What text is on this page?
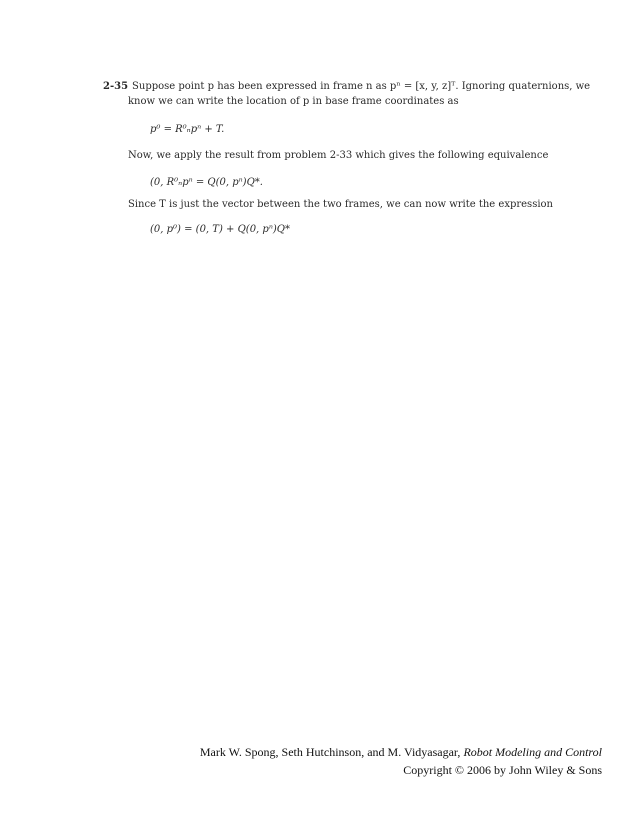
2-35 Suppose point p has been expressed in frame n as pⁿ = [x, y, z]ᵀ. Ignoring quaternions, we
know we can write the location of p in base frame coordinates as
p⁰ = R⁰ₙpⁿ + T.
Now, we apply the result from problem 2-33 which gives the following equivalence
(0, R⁰ₙpⁿ = Q(0, pⁿ)Q*.
Since T is just the vector between the two frames, we can now write the expression
(0, p⁰) = (0, T) + Q(0, pⁿ)Q*
Mark W. Spong, Seth Hutchinson, and M. Vidyasagar, Robot Modeling and Control
Copyright © 2006 by John Wiley & Sons
